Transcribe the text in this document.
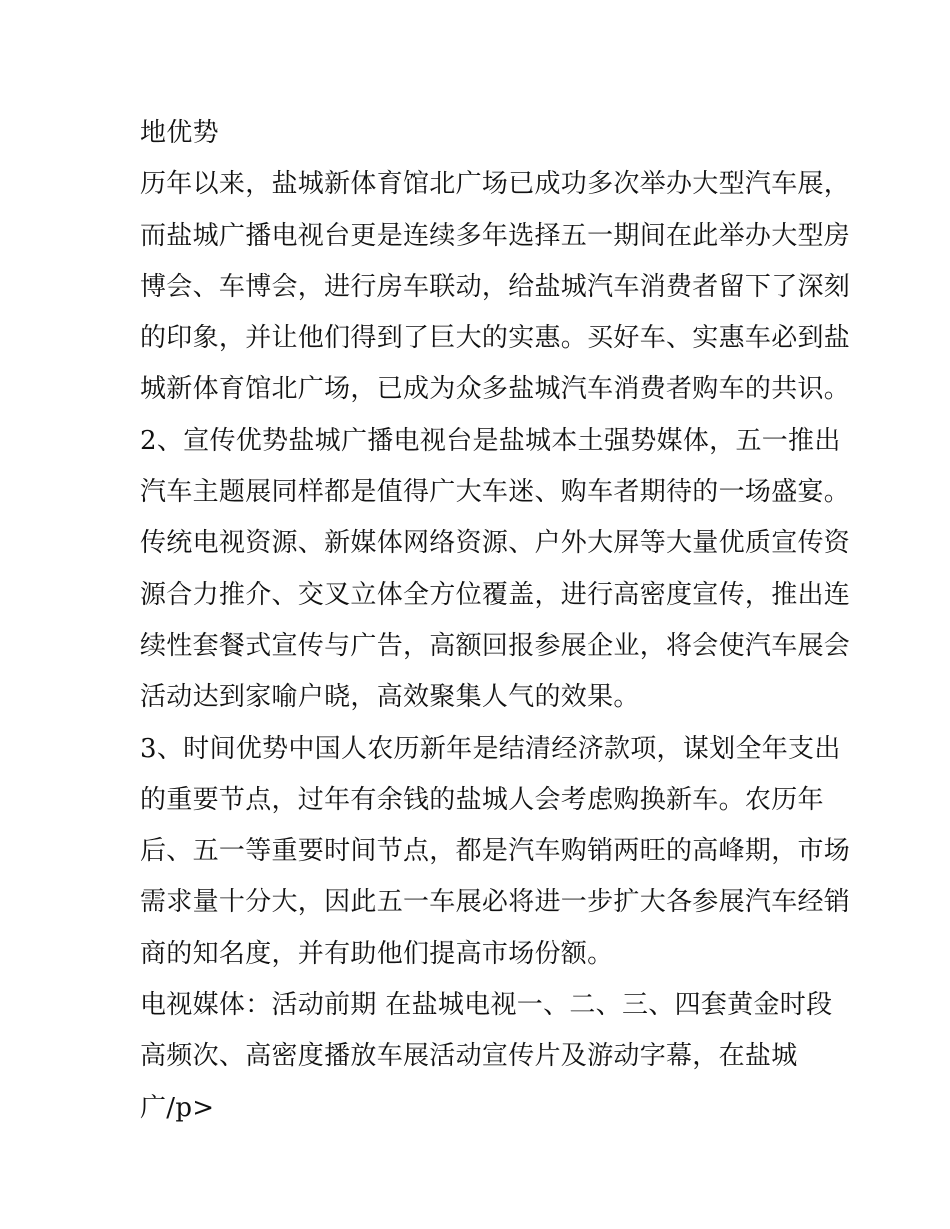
地优势
历年以来，盐城新体育馆北广场已成功多次举办大型汽车展，
而盐城广播电视台更是连续多年选择五一期间在此举办大型房
博会、车博会，进行房车联动，给盐城汽车消费者留下了深刻
的印象，并让他们得到了巨大的实惠。买好车、实惠车必到盐
城新体育馆北广场，已成为众多盐城汽车消费者购车的共识。
2、宣传优势盐城广播电视台是盐城本土强势媒体，五一推出
汽车主题展同样都是值得广大车迷、购车者期待的一场盛宴。
传统电视资源、新媒体网络资源、户外大屏等大量优质宣传资
源合力推介、交叉立体全方位覆盖，进行高密度宣传，推出连
续性套餐式宣传与广告，高额回报参展企业，将会使汽车展会
活动达到家喻户晓，高效聚集人气的效果。
3、时间优势中国人农历新年是结清经济款项，谋划全年支出
的重要节点，过年有余钱的盐城人会考虑购换新车。农历年
后、五一等重要时间节点，都是汽车购销两旺的高峰期，市场
需求量十分大，因此五一车展必将进一步扩大各参展汽车经销
商的知名度，并有助他们提高市场份额。
电视媒体：活动前期 在盐城电视一、二、三、四套黄金时段
高频次、高密度播放车展活动宣传片及游动字幕，在盐城
广/p>
